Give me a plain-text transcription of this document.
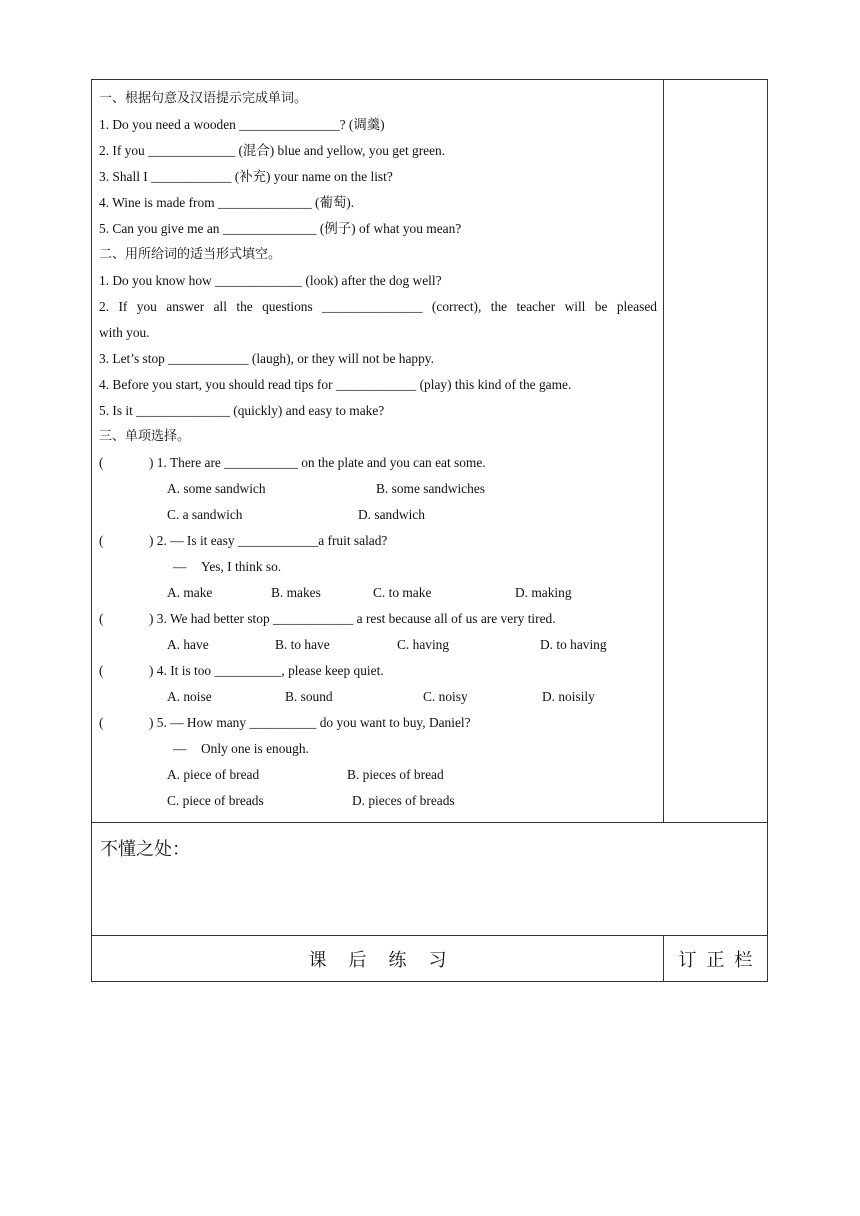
一、根据句意及汉语提示完成单词。
1. Do you need a wooden _______________? (调羹)
2. If you _____________ (混合) blue and yellow, you get green.
3. Shall I ____________ (补充) your name on the list?
4. Wine is made from ______________ (葡萄).
5. Can you give me an ______________ (例子) of what you mean?
二、用所给词的适当形式填空。
1. Do you know how _____________ (look) after the dog well?
2. If you answer all the questions _______________ (correct), the teacher will be pleased
with you.
3. Let’s stop ____________ (laugh), or they will not be happy.
4. Before you start, you should read tips for ____________ (play) this kind of the game.
5. Is it ______________ (quickly) and easy to make?
三、单项选择。
(	) 1. There are ___________ on the plate and you can eat some.
A. some sandwich	B. some sandwiches
C. a sandwich	D. sandwich
(	) 2. — Is it easy ____________a fruit salad?
— Yes, I think so.
A. make	B. makes	C. to make	D. making
(	) 3. We had better stop ____________ a rest because all of us are very tired.
A. have	B. to have	C. having	D. to having
(	) 4. It is too __________, please keep quiet.
A. noise	B. sound	C. noisy	D. noisily
(	) 5. — How many __________ do you want to buy, Daniel?
— Only one is enough.
A. piece of bread	B. pieces of bread
C. piece of breads	D. pieces of breads
不懂之处：
课后练习	订正栏
